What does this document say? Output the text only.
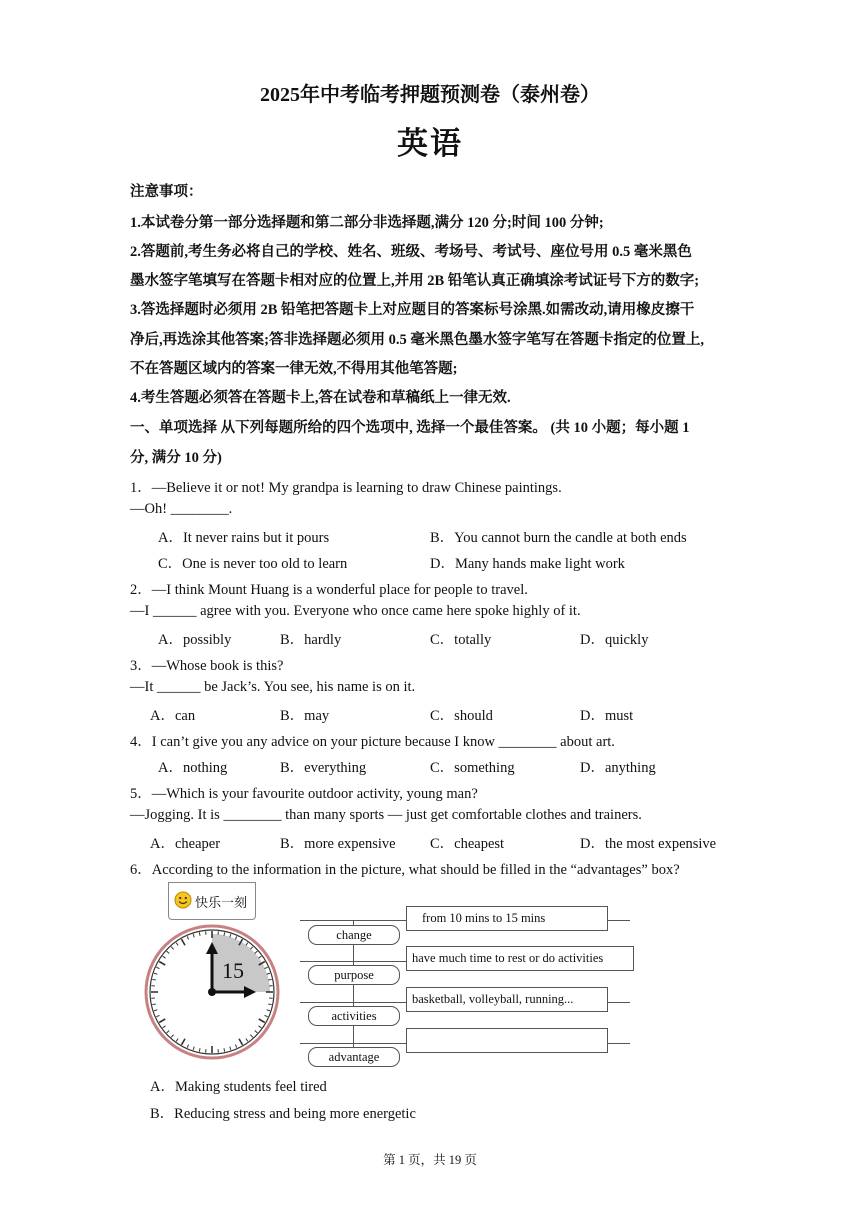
2025年中考临考押题预测卷（泰州卷）
英语
注意事项：
1.本试卷分第一部分选择题和第二部分非选择题,满分 120 分;时间 100 分钟;
2.答题前,考生务必将自己的学校、姓名、班级、考场号、考试号、座位号用 0.5 毫米黑色
墨水签字笔填写在答题卡相对应的位置上,并用 2B 铅笔认真正确填涂考试证号下方的数字;
3.答选择题时必须用 2B 铅笔把答题卡上对应题目的答案标号涂黑.如需改动,请用橡皮擦干
净后,再选涂其他答案;答非选择题必须用 0.5 毫米黑色墨水签字笔写在答题卡指定的位置上,
不在答题区域内的答案一律无效,不得用其他笔答题;
4.考生答题必须答在答题卡上,答在试卷和草稿纸上一律无效.
一、单项选择 从下列每题所给的四个选项中, 选择一个最佳答案。 (共 10 小题；每小题 1
分, 满分 10 分)
1．—Believe it or not! My grandpa is learning to draw Chinese paintings.
—Oh! ________.
A．It never rains but it pours	B．You cannot burn the candle at both ends
C．One is never too old to learn	D．Many hands make light work
2．—I think Mount Huang is a wonderful place for people to travel.
—I ______ agree with you. Everyone who once came here spoke highly of it.
A．possibly	B．hardly	C．totally	D．quickly
3．—Whose book is this?
—It ______ be Jack’s. You see, his name is on it.
A．can	B．may	C．should	D．must
4．I can’t give you any advice on your picture because I know ________ about art.
A．nothing	B．everything	C．something	D．anything
5．—Which is your favourite outdoor activity, young man?
—Jogging. It is ________ than many sports — just get comfortable clothes and trainers.
A．cheaper	B．more expensive C．cheapest	D．the most expensive
6．According to the information in the picture, what should be filled in the “advantages” box?
快乐一刻
15
change
purpose
activities
advantage
from 10 mins to 15 mins
have much time to rest or do activities
basketball, volleyball, running...
A．Making students feel tired
B．Reducing stress and being more energetic
第 1 页，共 19 页
